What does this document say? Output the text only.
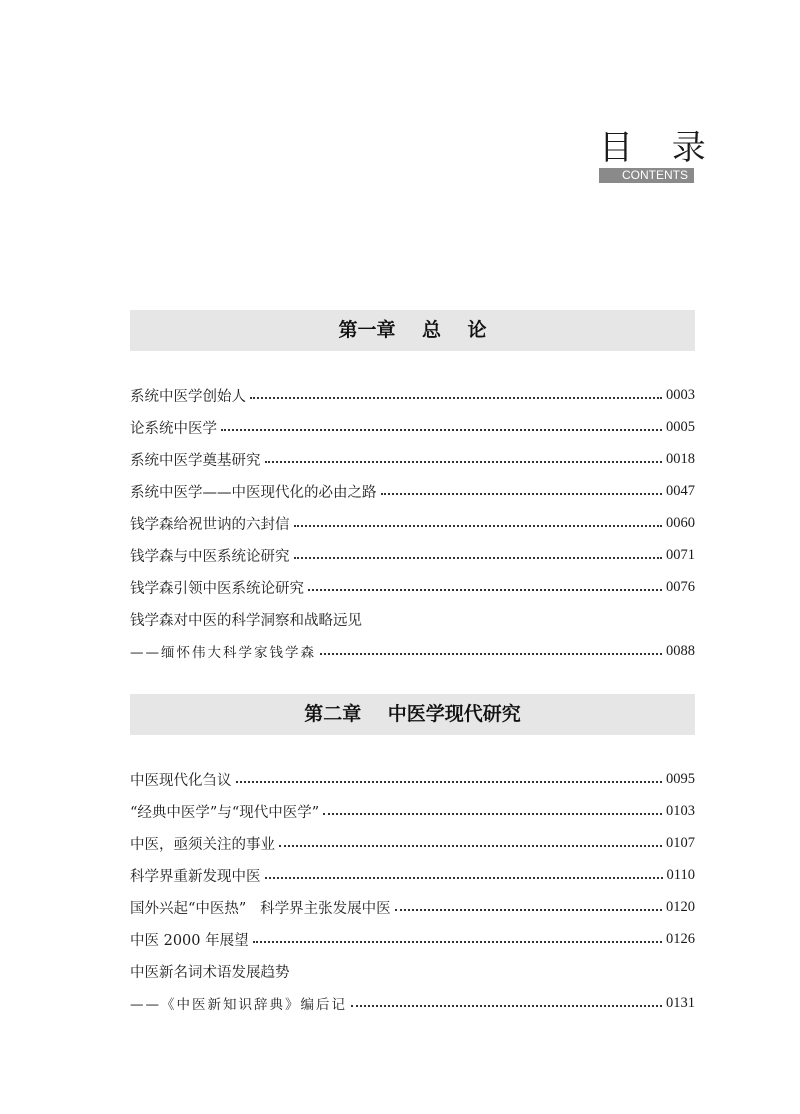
目 录
CONTENTS
第一章    总    论
系统中医学创始人	0003
论系统中医学	0005
系统中医学奠基研究	0018
系统中医学——中医现代化的必由之路	0047
钱学森给祝世讷的六封信	0060
钱学森与中医系统论研究	0071
钱学森引领中医系统论研究	0076
钱学森对中医的科学洞察和战略远见
——缅怀伟大科学家钱学森	0088
第二章    中医学现代研究
中医现代化刍议	0095
“经典中医学”与“现代中医学”	0103
中医，亟须关注的事业	0107
科学界重新发现中医	0110
国外兴起“中医热”   科学界主张发展中医	0120
中医 2000 年展望	0126
中医新名词术语发展趋势
——《中医新知识辞典》编后记	0131
